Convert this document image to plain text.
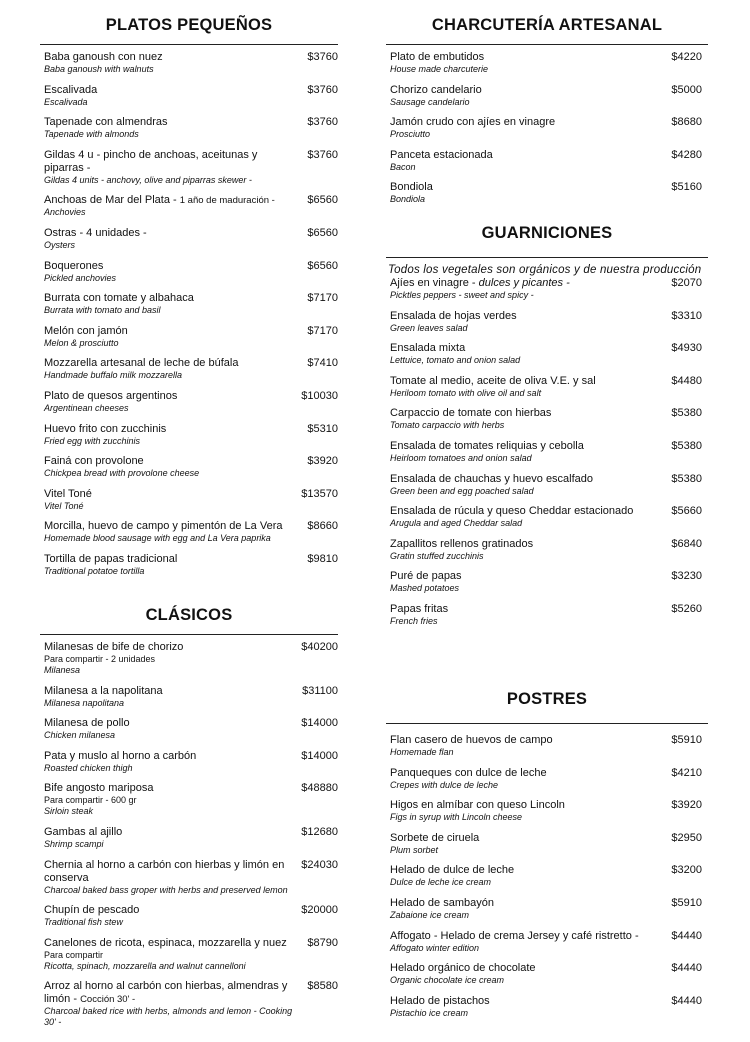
PLATOS PEQUEÑOS
Baba ganoush con nuez
Baba ganoush with walnuts
$3760
Escalivada
Escalivada
$3760
Tapenade con almendras
Tapenade with almonds
$3760
Gildas 4 u - pincho de anchoas, aceitunas y piparras -
Gildas 4 units - anchovy, olive and piparras skewer -
$3760
Anchoas de Mar del Plata - 1 año de maduración -
Anchovies
$6560
Ostras - 4 unidades -
Oysters
$6560
Boquerones
Pickled anchovies
$6560
Burrata con tomate y albahaca
Burrata with tomato and basil
$7170
Melón con jamón
Melon & prosciutto
$7170
Mozzarella artesanal de leche de búfala
Handmade buffalo milk mozzarella
$7410
Plato de quesos argentinos
Argentinean cheeses
$10030
Huevo frito con zucchinis
Fried egg with zucchinis
$5310
Fainá con provolone
Chickpea bread with provolone cheese
$3920
Vitel Toné
Vitel Toné
$13570
Morcilla, huevo de campo y pimentón de La Vera
Homemade blood sausage with egg and La Vera paprika
$8660
Tortilla de papas tradicional
Traditional potatoe tortilla
$9810
CLÁSICOS
Milanesas de bife de chorizo
Para compartir - 2 unidades
Milanesa
$40200
Milanesa a la napolitana
Milanesa napolitana
$31100
Milanesa de pollo
Chicken milanesa
$14000
Pata y muslo al horno a carbón
Roasted chicken thigh
$14000
Bife angosto mariposa
Para compartir - 600 gr
Sirloin steak
$48880
Gambas al ajillo
Shrimp scampi
$12680
Chernia al horno a carbón con hierbas y limón en conserva
Charcoal baked bass groper with herbs and preserved lemon
$24030
Chupín de pescado
Traditional fish stew
$20000
Canelones de ricota, espinaca, mozzarella y nuez
Para compartir
Ricotta, spinach, mozzarella and walnut cannelloni
$8790
Arroz al horno al carbón con hierbas, almendras y limón - Cocción 30' -
Charcoal baked rice with herbs, almonds and lemon - Cooking 30' -
$8580
CHARCUTERÍA ARTESANAL
Plato de embutidos
House made charcuterie
$4220
Chorizo candelario
Sausage candelario
$5000
Jamón crudo con ajíes en vinagre
Prosciutto
$8680
Panceta estacionada
Bacon
$4280
Bondiola
Bondiola
$5160
GUARNICIONES
Todos los vegetales son orgánicos y de nuestra producción
Ajíes en vinagre - dulces y picantes -
Picktles peppers - sweet and spicy -
$2070
Ensalada de hojas verdes
Green leaves salad
$3310
Ensalada mixta
Lettuice, tomato and onion salad
$4930
Tomate al medio, aceite de oliva V.E. y sal
Heriloom tomato with olive oil and salt
$4480
Carpaccio de tomate con hierbas
Tomato carpaccio with herbs
$5380
Ensalada de tomates reliquias y cebolla
Heirloom tomatoes and onion salad
$5380
Ensalada de chauchas y huevo escalfado
Green been and egg poached salad
$5380
Ensalada de rúcula y queso Cheddar estacionado
Arugula and aged Cheddar salad
$5660
Zapallitos rellenos gratinados
Gratin stuffed zucchinis
$6840
Puré de papas
Mashed potatoes
$3230
Papas fritas
French fries
$5260
POSTRES
Flan casero de huevos de campo
Homemade flan
$5910
Panqueques con dulce de leche
Crepes with dulce de leche
$4210
Higos en almíbar con queso Lincoln
Figs in syrup with Lincoln cheese
$3920
Sorbete de ciruela
Plum sorbet
$2950
Helado de dulce de leche
Dulce de leche ice cream
$3200
Helado de sambayón
Zabaione ice cream
$5910
Affogato - Helado de crema Jersey y café ristretto -
Affogato winter edition
$4440
Helado orgánico de chocolate
Organic chocolate ice cream
$4440
Helado de pistachos
Pistachio ice cream
$4440
